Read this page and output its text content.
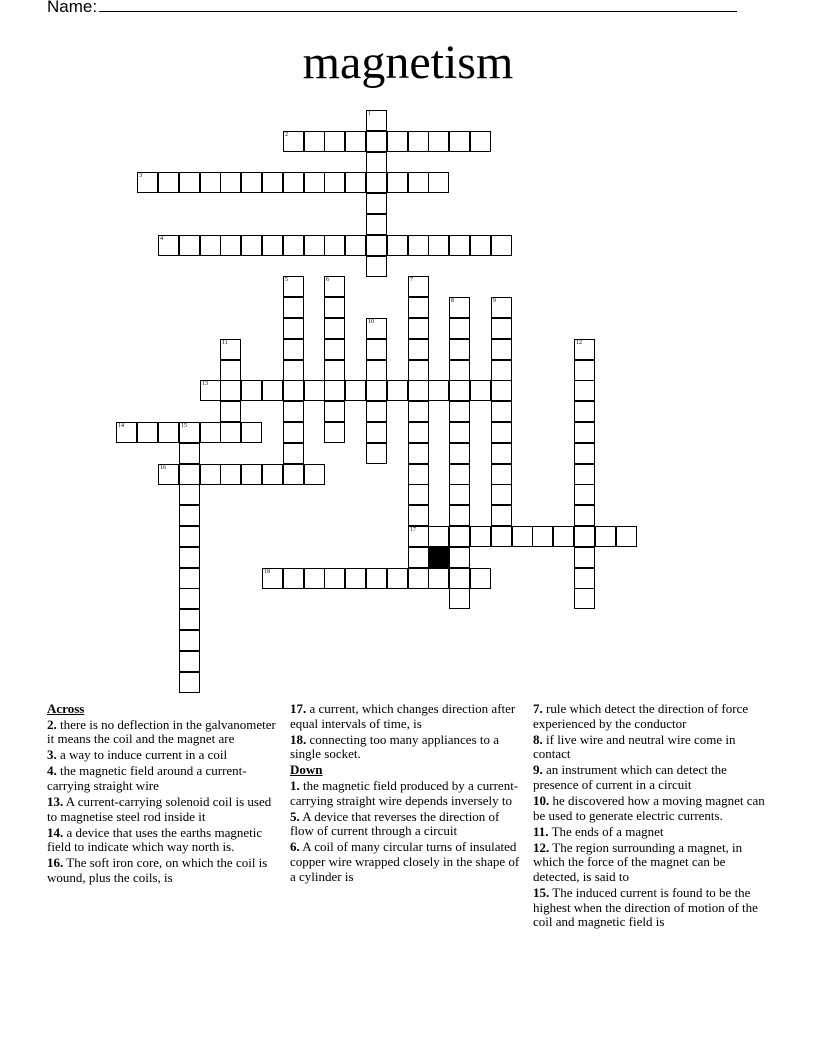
Name:
magnetism
1
2
3
4
5	6	7
17
8	9
10
11	12
13
14	15
16
18
Across
2. there is no deflection in the galvanometer it means the coil and the magnet are
3. a way to induce current in a coil
4. the magnetic field around a current-carrying straight wire
13. A current-carrying solenoid coil is used to magnetise steel rod inside it
14. a device that uses the earths magnetic field to indicate which way north is.
16. The soft iron core, on which the coil is wound, plus the coils, is
17. a current, which changes direction after equal intervals of time, is
18. connecting too many appliances to a single socket.
Down
1. the magnetic field produced by a current-carrying straight wire depends inversely to
5. A device that reverses the direction of flow of current through a circuit
6. A coil of many circular turns of insulated copper wire wrapped closely in the shape of a cylinder is
7. rule which detect the direction of force experienced by the conductor
8. if live wire and neutral wire come in contact
9. an instrument which can detect the presence of current in a circuit
10. he discovered how a moving magnet can be used to generate electric currents.
11. The ends of a magnet
12. The region surrounding a magnet, in which the force of the magnet can be detected, is said to
15. The induced current is found to be the highest when the direction of motion of the coil and magnetic field is
